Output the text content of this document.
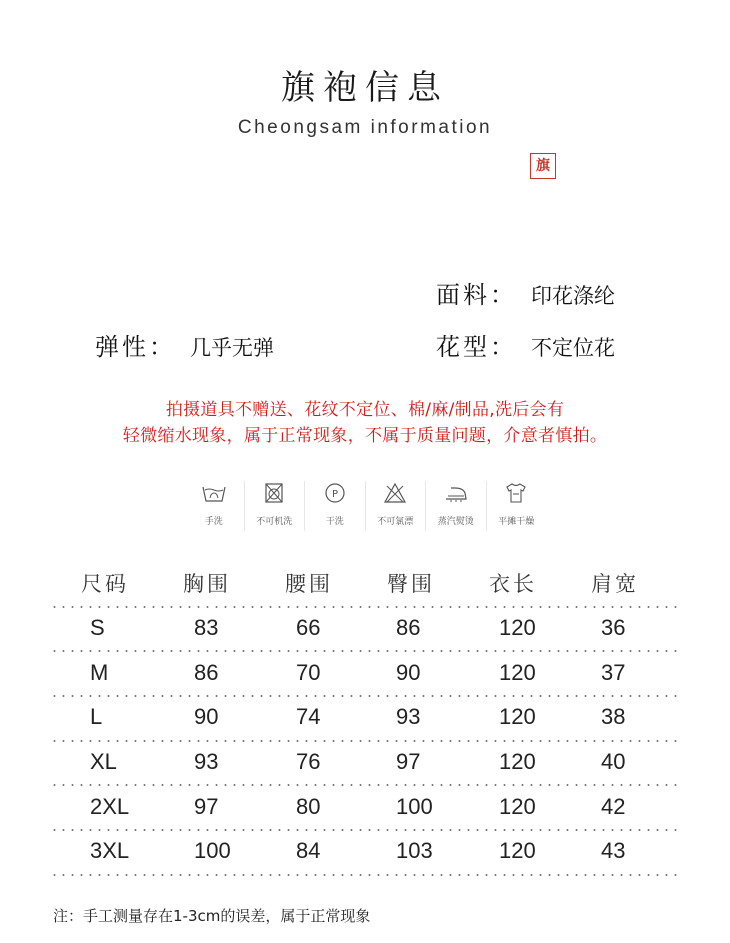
旗袍信息
Cheongsam information
旗
面料： 印花涤纶
弹性： 几乎无弹	花型： 不定位花
拍摄道具不赠送、花纹不定位、棉/麻/制品,洗后会有
轻微缩水现象，属于正常现象，不属于质量问题，介意者慎拍。
手洗	不可机洗
P
干洗	不可氯漂	蒸汽熨烫	平摊干燥
尺码	胸围	腰围	臀围	衣长	肩宽
S	83	66	86	120	36
M	86	70	90	120	37
L	90	74	93	120	38
XL	93	76	97	120	40
2XL	97	80	100	120	42
3XL	100	84	103	120	43
注：手工测量存在1-3cm的误差，属于正常现象
